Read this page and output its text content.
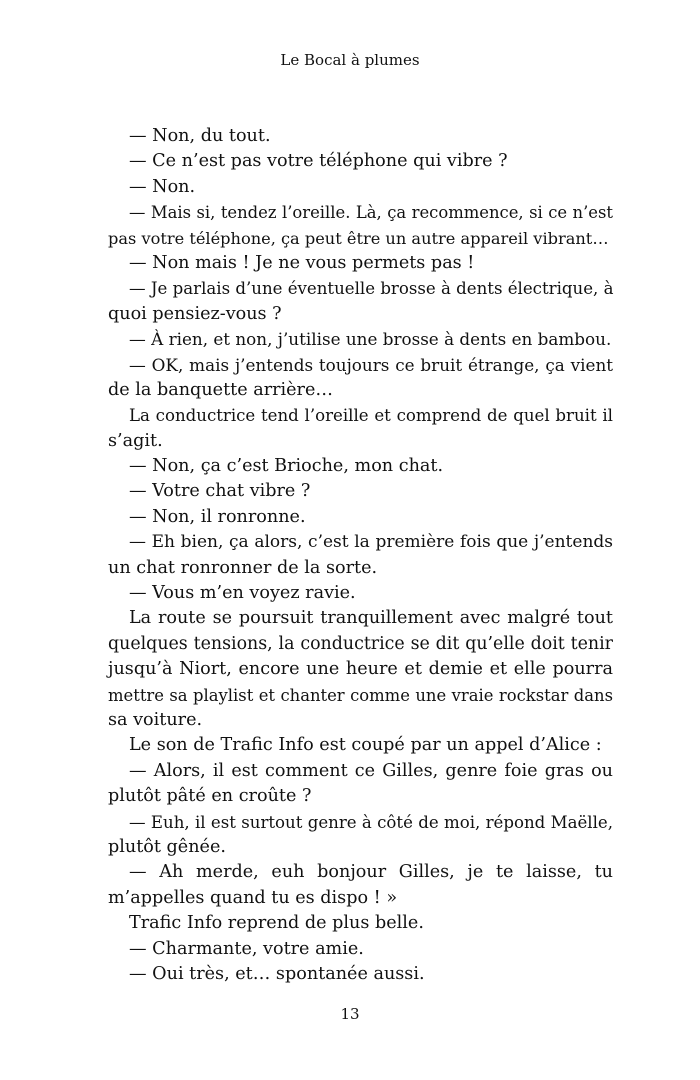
Le Bocal à plumes
— Non, du tout.
— Ce n’est pas votre téléphone qui vibre ?
— Non.
— Mais si, tendez l’oreille. Là, ça recommence, si ce n’est
pas votre téléphone, ça peut être un autre appareil vibrant…
— Non mais ! Je ne vous permets pas !
— Je parlais d’une éventuelle brosse à dents électrique, à
quoi pensiez-vous ?
— À rien, et non, j’utilise une brosse à dents en bambou.
— OK, mais j’entends toujours ce bruit étrange, ça vient
de la banquette arrière…
La conductrice tend l’oreille et comprend de quel bruit il
s’agit.
— Non, ça c’est Brioche, mon chat.
— Votre chat vibre ?
— Non, il ronronne.
— Eh bien, ça alors, c’est la première fois que j’entends
un chat ronronner de la sorte.
— Vous m’en voyez ravie.
La route se poursuit tranquillement avec malgré tout
quelques tensions, la conductrice se dit qu’elle doit tenir
jusqu’à Niort, encore une heure et demie et elle pourra
mettre sa playlist et chanter comme une vraie rockstar dans
sa voiture.
Le son de Trafic Info est coupé par un appel d’Alice :
— Alors, il est comment ce Gilles, genre foie gras ou
plutôt pâté en croûte ?
— Euh, il est surtout genre à côté de moi, répond Maëlle,
plutôt gênée.
— Ah merde, euh bonjour Gilles, je te laisse, tu
m’appelles quand tu es dispo ! »
Trafic Info reprend de plus belle.
— Charmante, votre amie.
— Oui très, et… spontanée aussi.
13
